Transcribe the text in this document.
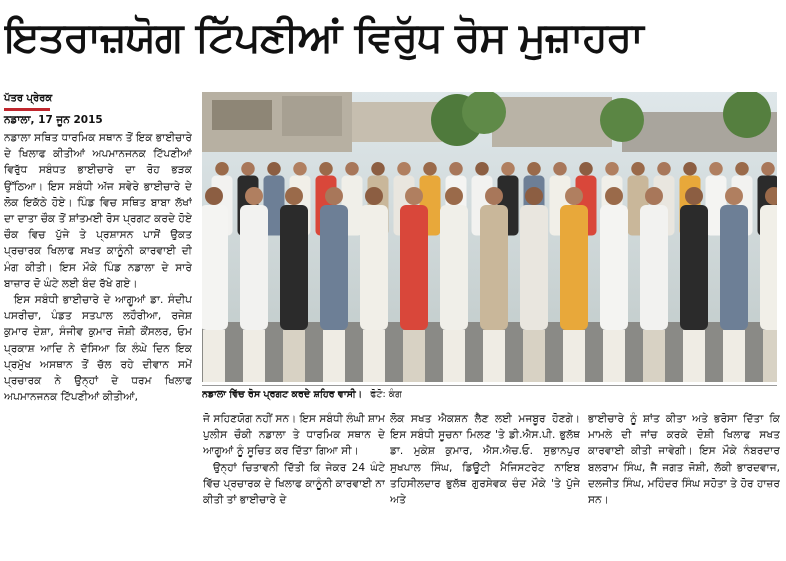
ਇਤਰਾਜ਼ਯੋਗ ਟਿੱਪਣੀਆਂ ਵਿਰੁੱਧ ਰੋਸ ਮੁਜ਼ਾਹਰਾ
ਪੱਤਰ ਪ੍ਰੇਰਕ
ਨਡਾਲਾ, 17 ਜੂਨ 2015

ਨਡਾਲਾ ਸਥਿਤ ਧਾਰਮਿਕ ਸਥਾਨ ਤੋਂ ਇਕ ਭਾਈਚਾਰੇ ਦੇ ਖਿਲਾਫ ਕੀਤੀਆਂ ਅਪਮਾਨਜਨਕ ਟਿੱਪਣੀਆਂ ਵਿਰੁੱਧ ਸਬੰਧਤ ਭਾਈਚਾਰੇ ਦਾ ਰੋਹ ਭੜਕ ਉੱਠਿਆ। ਇਸ ਸਬੰਧੀ ਅੱਜ ਸਵੇਰੇ ਭਾਈਚਾਰੇ ਦੇ ਲੋਕ ਇਕੱਠੇ ਹੋਏ। ਪਿੰਡ ਵਿਚ ਸਥਿਤ ਬਾਬਾ ਲੱਖਾਂ ਦਾ ਦਾਤਾ ਚੌਕ ਤੋਂ ਸ਼ਾਂਤਮਈ ਰੋਸ ਪ੍ਰਗਟ ਕਰਦੇ ਹੋਏ ਚੌਕ ਵਿਚ ਪੁੱਜੇ ਤੇ ਪ੍ਰਸ਼ਾਸਨ ਪਾਸੋਂ ਉਕਤ ਪ੍ਰਚਾਰਕ ਖਿਲਾਫ ਸਖਤ ਕਾਨੂੰਨੀ ਕਾਰਵਾਈ ਦੀ ਮੰਗ ਕੀਤੀ। ਇਸ ਮੌਕੇ ਪਿੰਡ ਨਡਾਲਾ ਦੇ ਸਾਰੇ ਬਾਜ਼ਾਰ ਦੋ ਘੰਟੇ ਲਈ ਬੰਦ ਰੱਖੇ ਗਏ।

ਇਸ ਸਬੰਧੀ ਭਾਈਚਾਰੇ ਦੇ ਆਗੂਆਂ ਡਾ. ਸੰਦੀਪ ਪਸਰੀਚਾ, ਪੰਡਤ ਸਤਪਾਲ ਲਹੌਰੀਆ, ਰਜੇਸ਼ ਕੁਮਾਰ ਦੇਸ਼ਾ, ਸੰਜੀਵ ਕੁਮਾਰ ਜੋਸ਼ੀ ਕੌਂਸਲਰ, ਓਮ ਪ੍ਰਕਾਸ਼ ਆਦਿ ਨੇ ਦੱਸਿਆ ਕਿ ਲੰਘੇ ਦਿਨ ਇਕ ਪ੍ਰਮੁੱਖ ਅਸਥਾਨ ਤੋਂ ਚੱਲ ਰਹੇ ਦੀਵਾਨ ਸਮੇਂ ਪ੍ਰਚਾਰਕ ਨੇ ਉਨ੍ਹਾਂ ਦੇ ਧਰਮ ਖਿਲਾਫ ਅਪਮਾਨਜਨਕ ਟਿੱਪਣੀਆਂ ਕੀਤੀਆਂ,	ਨਡਾਲਾ ਵਿੱਚ ਰੋਸ ਪ੍ਰਗਟ ਕਰਦੇ ਸ਼ਹਿਰ ਵਾਸੀ। ਫੋਟੋ: ਕੰਗ

ਜੋ ਸਹਿਣਯੋਗ ਨਹੀਂ ਸਨ। ਇਸ ਸਬੰਧੀ ਲੰਘੀ ਸ਼ਾਮ ਪੁਲੀਸ ਚੌਕੀ ਨਡਾਲਾ ਤੇ ਧਾਰਮਿਕ ਸਥਾਨ ਦੇ ਆਗੂਆਂ ਨੂੰ ਸੂਚਿਤ ਕਰ ਦਿੱਤਾ ਗਿਆ ਸੀ।

ਉਨ੍ਹਾਂ ਚਿਤਾਵਨੀ ਦਿੱਤੀ ਕਿ ਜੇਕਰ 24 ਘੰਟੇ ਵਿੱਚ ਪ੍ਰਚਾਰਕ ਦੇ ਖਿਲਾਫ ਕਾਨੂੰਨੀ ਕਾਰਵਾਈ ਨਾ ਕੀਤੀ ਤਾਂ ਭਾਈਚਾਰੇ ਦੇ

ਲੋਕ ਸਖਤ ਐਕਸ਼ਨ ਲੈਣ ਲਈ ਮਜਬੂਰ ਹੋਣਗੇ। ਇਸ ਸਬੰਧੀ ਸੂਚਨਾ ਮਿਲਣ 'ਤੇ ਡੀ.ਐਸ.ਪੀ. ਭੁਲੱਥ ਡਾ. ਮੁਕੇਸ਼ ਕੁਮਾਰ, ਐਸ.ਐਚ.ਓ. ਸੁਭਾਨਪੁਰ ਸੁਖਪਾਲ ਸਿੰਘ, ਡਿਊਟੀ ਮੈਜਿਸਟਰੇਟ ਨਾਇਬ ਤਹਿਸੀਲਦਾਰ ਭੁਲੱਥ ਗੁਰਸੇਵਕ ਚੰਦ ਮੌਕੇ 'ਤੇ ਪੁੱਜੇ ਅਤੇ

ਭਾਈਚਾਰੇ ਨੂੰ ਸ਼ਾਂਤ ਕੀਤਾ ਅਤੇ ਭਰੋਸਾ ਦਿੱਤਾ ਕਿ ਮਾਮਲੇ ਦੀ ਜਾਂਚ ਕਰਕੇ ਦੋਸ਼ੀ ਖਿਲਾਫ ਸਖਤ ਕਾਰਵਾਈ ਕੀਤੀ ਜਾਵੇਗੀ। ਇਸ ਮੌਕੇ ਨੰਬਰਦਾਰ ਬਲਰਾਮ ਸਿੰਘ, ਜੈ ਜਗਤ ਜੋਸ਼ੀ, ਲੱਕੀ ਭਾਰਦਵਾਜ, ਦਲਜੀਤ ਸਿੰਘ, ਮਹਿੰਦਰ ਸਿੰਘ ਸਹੋਤਾ ਤੇ ਹੋਰ ਹਾਜ਼ਰ ਸਨ।
